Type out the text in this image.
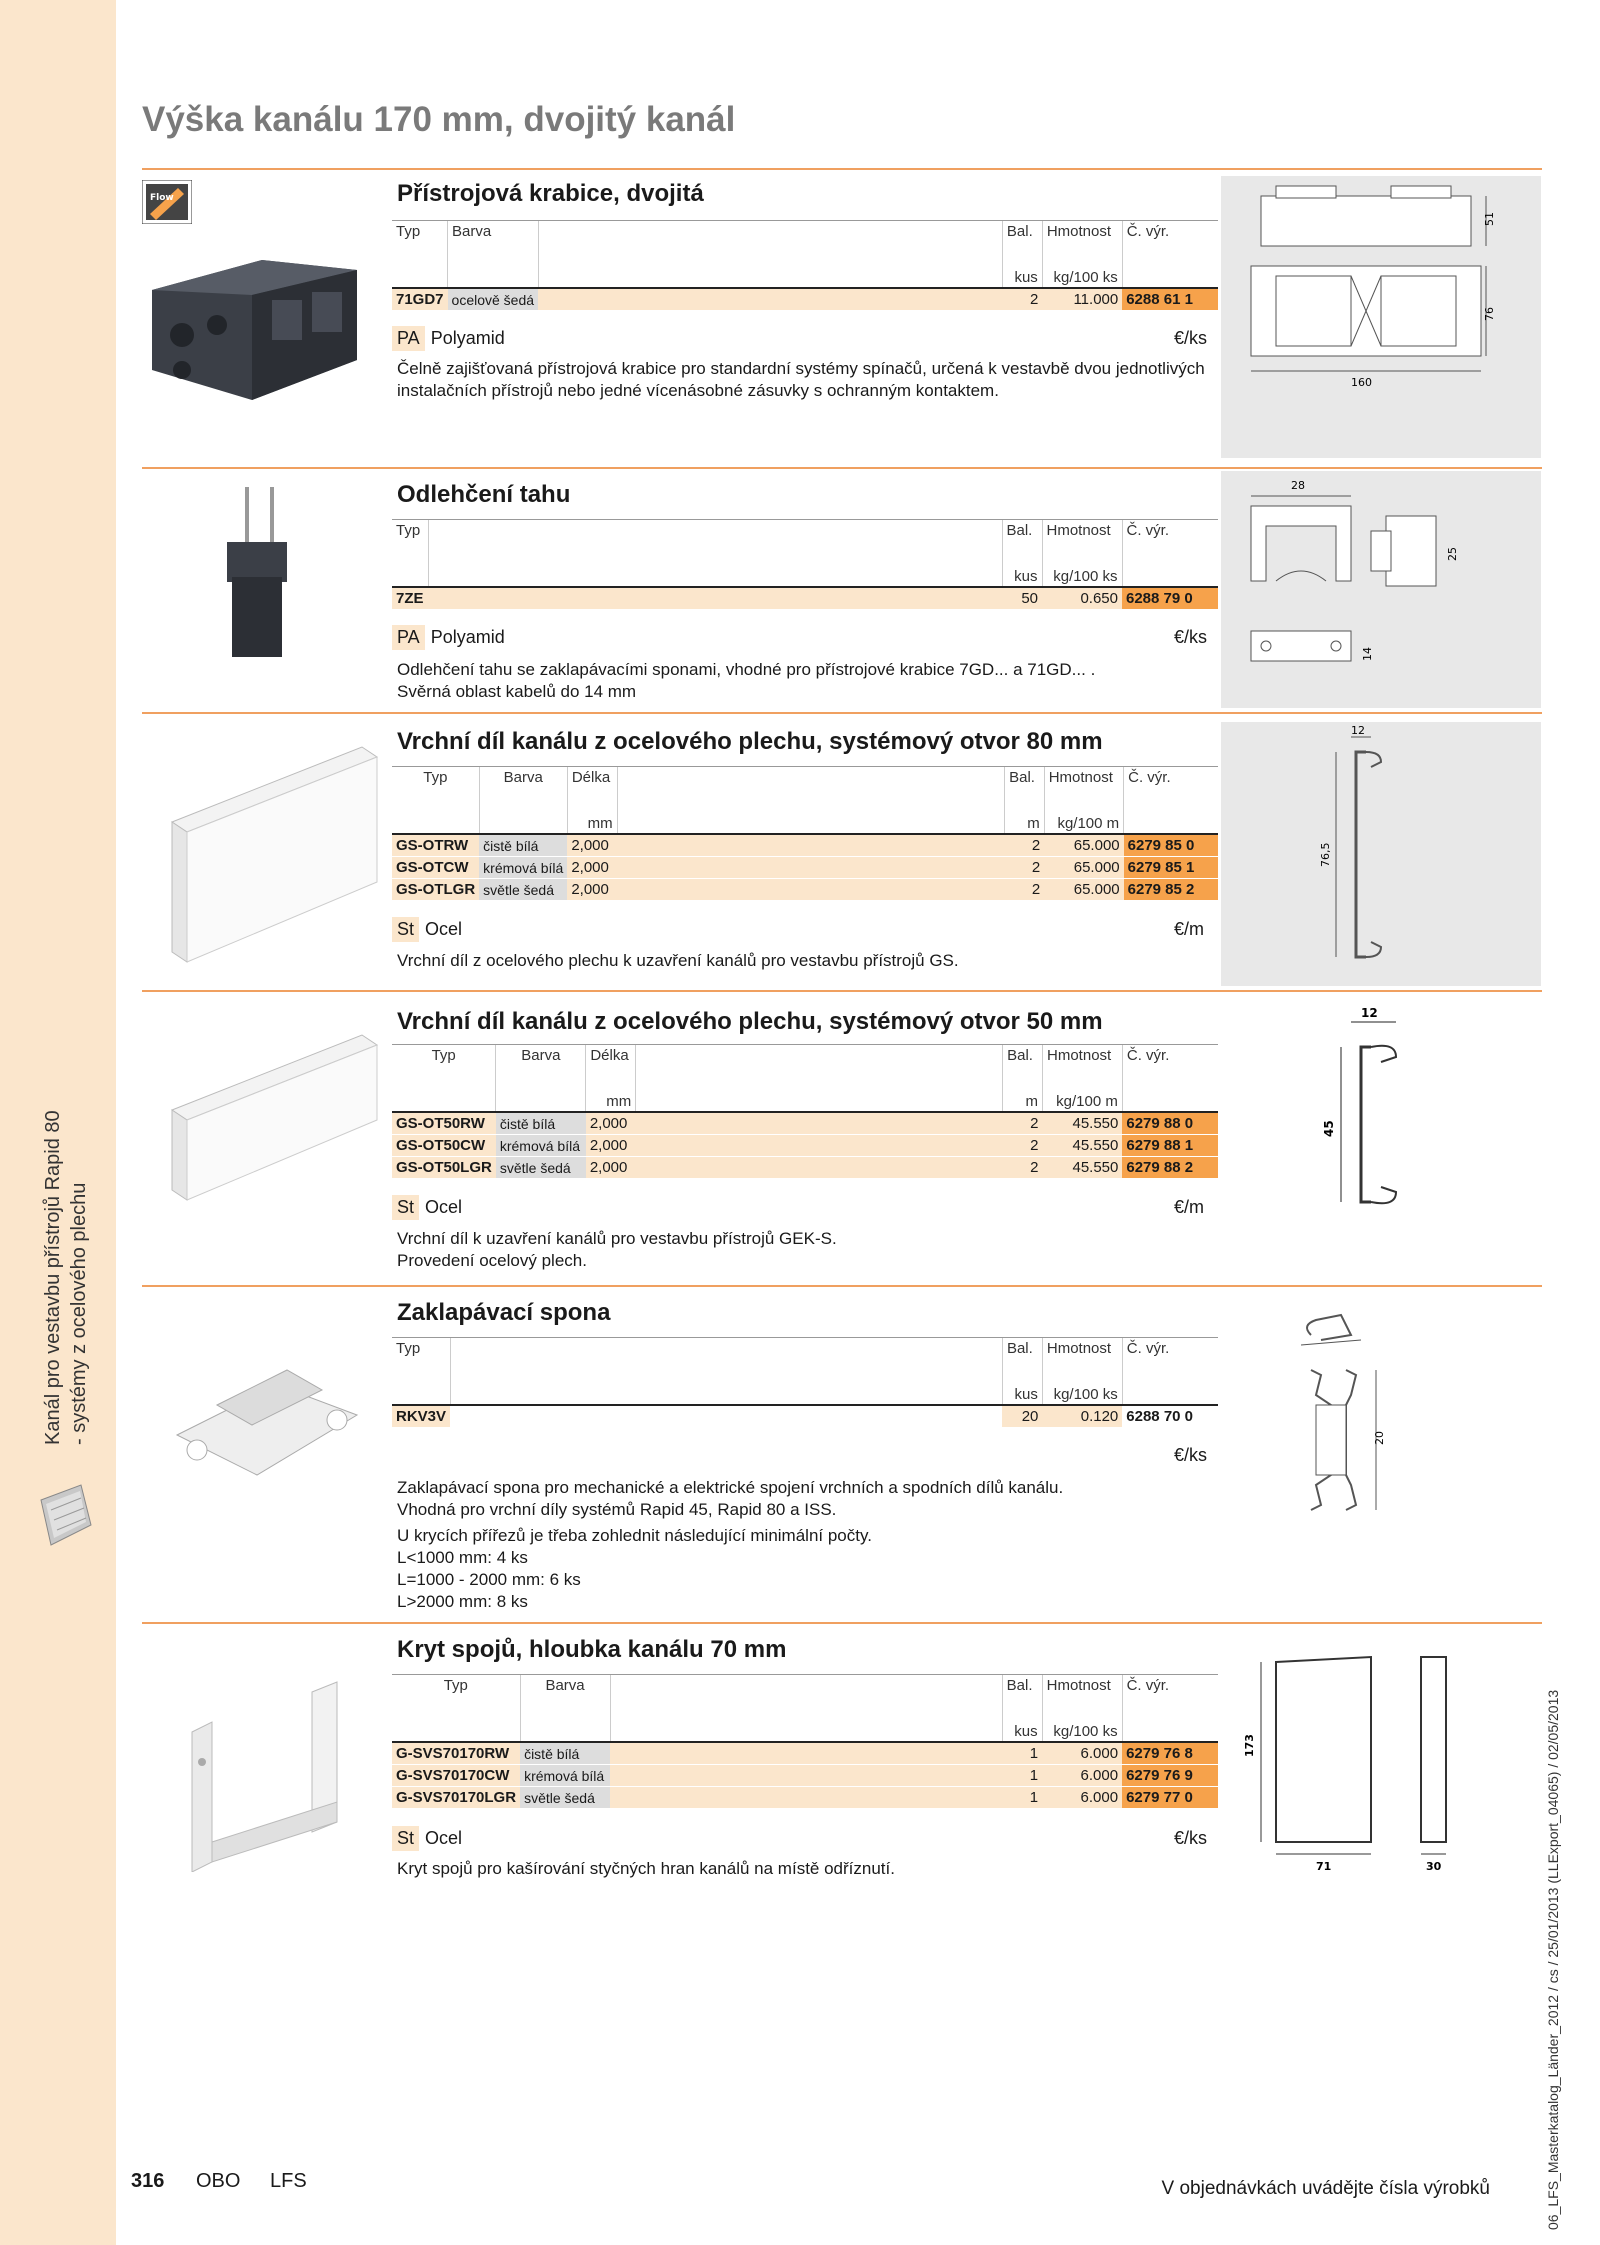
Kanál pro vestavbu přístrojů Rapid 80 - systémy z ocelového plechu
06_LFS_Masterkatalog_Länder_2012 / cs / 25/01/2013 (LLExport_04065) / 02/05/2013
Výška kanálu 170 mm, dvojitý kanál
Flow	Přístrojová krabice, dvojitá
Typ	Barva		Bal.	Hmotnost	Č. výr.

			kus	kg/100 ks	
71GD7	ocelově šedá		2	11.000	6288 61 1
PA Polyamid	€/ks

Čelně zajišťovaná přístrojová krabice pro standardní systémy spínačů, určená k vestavbě dvou jednotlivých instalačních přístrojů nebo jedné vícenásobné zásuvky s ochranným kontaktem.

51
76
160
Odlehčení tahu
Typ		Bal.	Hmotnost	Č. výr.

		kus	kg/100 ks	
7ZE		50	0.650	6288 79 0
PA Polyamid	€/ks

Odlehčení tahu se zaklapávacími sponami, vhodné pro přístrojové krabice 7GD... a 71GD... .

Svěrná oblast kabelů do 14 mm

28
25
14
Vrchní díl kanálu z ocelového plechu, systémový otvor 80 mm
Typ	Barva	Délka		Bal.	Hmotnost	Č. výr.

		mm		m	kg/100 m	
GS-OTRW	čistě bílá	2,000		2	65.000	6279 85 0
GS-OTCW	krémová bílá	2,000		2	65.000	6279 85 1
GS-OTLGR	světle šedá	2,000		2	65.000	6279 85 2
St Ocel	€/m

Vrchní díl z ocelového plechu k uzavření kanálů pro vestavbu přístrojů GS.

12
76,5
Vrchní díl kanálu z ocelového plechu, systémový otvor 50 mm
Typ	Barva	Délka		Bal.	Hmotnost	Č. výr.

		mm		m	kg/100 m	
GS-OT50RW	čistě bílá	2,000		2	45.550	6279 88 0
GS-OT50CW	krémová bílá	2,000		2	45.550	6279 88 1
GS-OT50LGR	světle šedá	2,000		2	45.550	6279 88 2
St Ocel	€/m

Vrchní díl k uzavření kanálů pro vestavbu přístrojů GEK-S.

Provedení ocelový plech.

12
45
Zaklapávací spona
Typ		Bal.	Hmotnost	Č. výr.

		kus	kg/100 ks	
RKV3V		20	0.120	6288 70 0
€/ks

Zaklapávací spona pro mechanické a elektrické spojení vrchních a spodních dílů kanálu.

Vhodná pro vrchní díly systémů Rapid 45, Rapid 80 a ISS.

U krycích přířezů je třeba zohlednit následující minimální počty.

L<1000 mm: 4 ks

L=1000 - 2000 mm: 6 ks

L>2000 mm: 8 ks

20
Kryt spojů, hloubka kanálu 70 mm
Typ	Barva		Bal.	Hmotnost	Č. výr.

			kus	kg/100 ks	
G-SVS70170RW	čistě bílá		1	6.000	6279 76 8
G-SVS70170CW	krémová bílá		1	6.000	6279 76 9
G-SVS70170LGR	světle šedá		1	6.000	6279 77 0
St Ocel	€/ks

Kryt spojů pro kašírování styčných hran kanálů na místě odříznutí.

173
71	30
316 OBO LFS	V objednávkách uvádějte čísla výrobků
